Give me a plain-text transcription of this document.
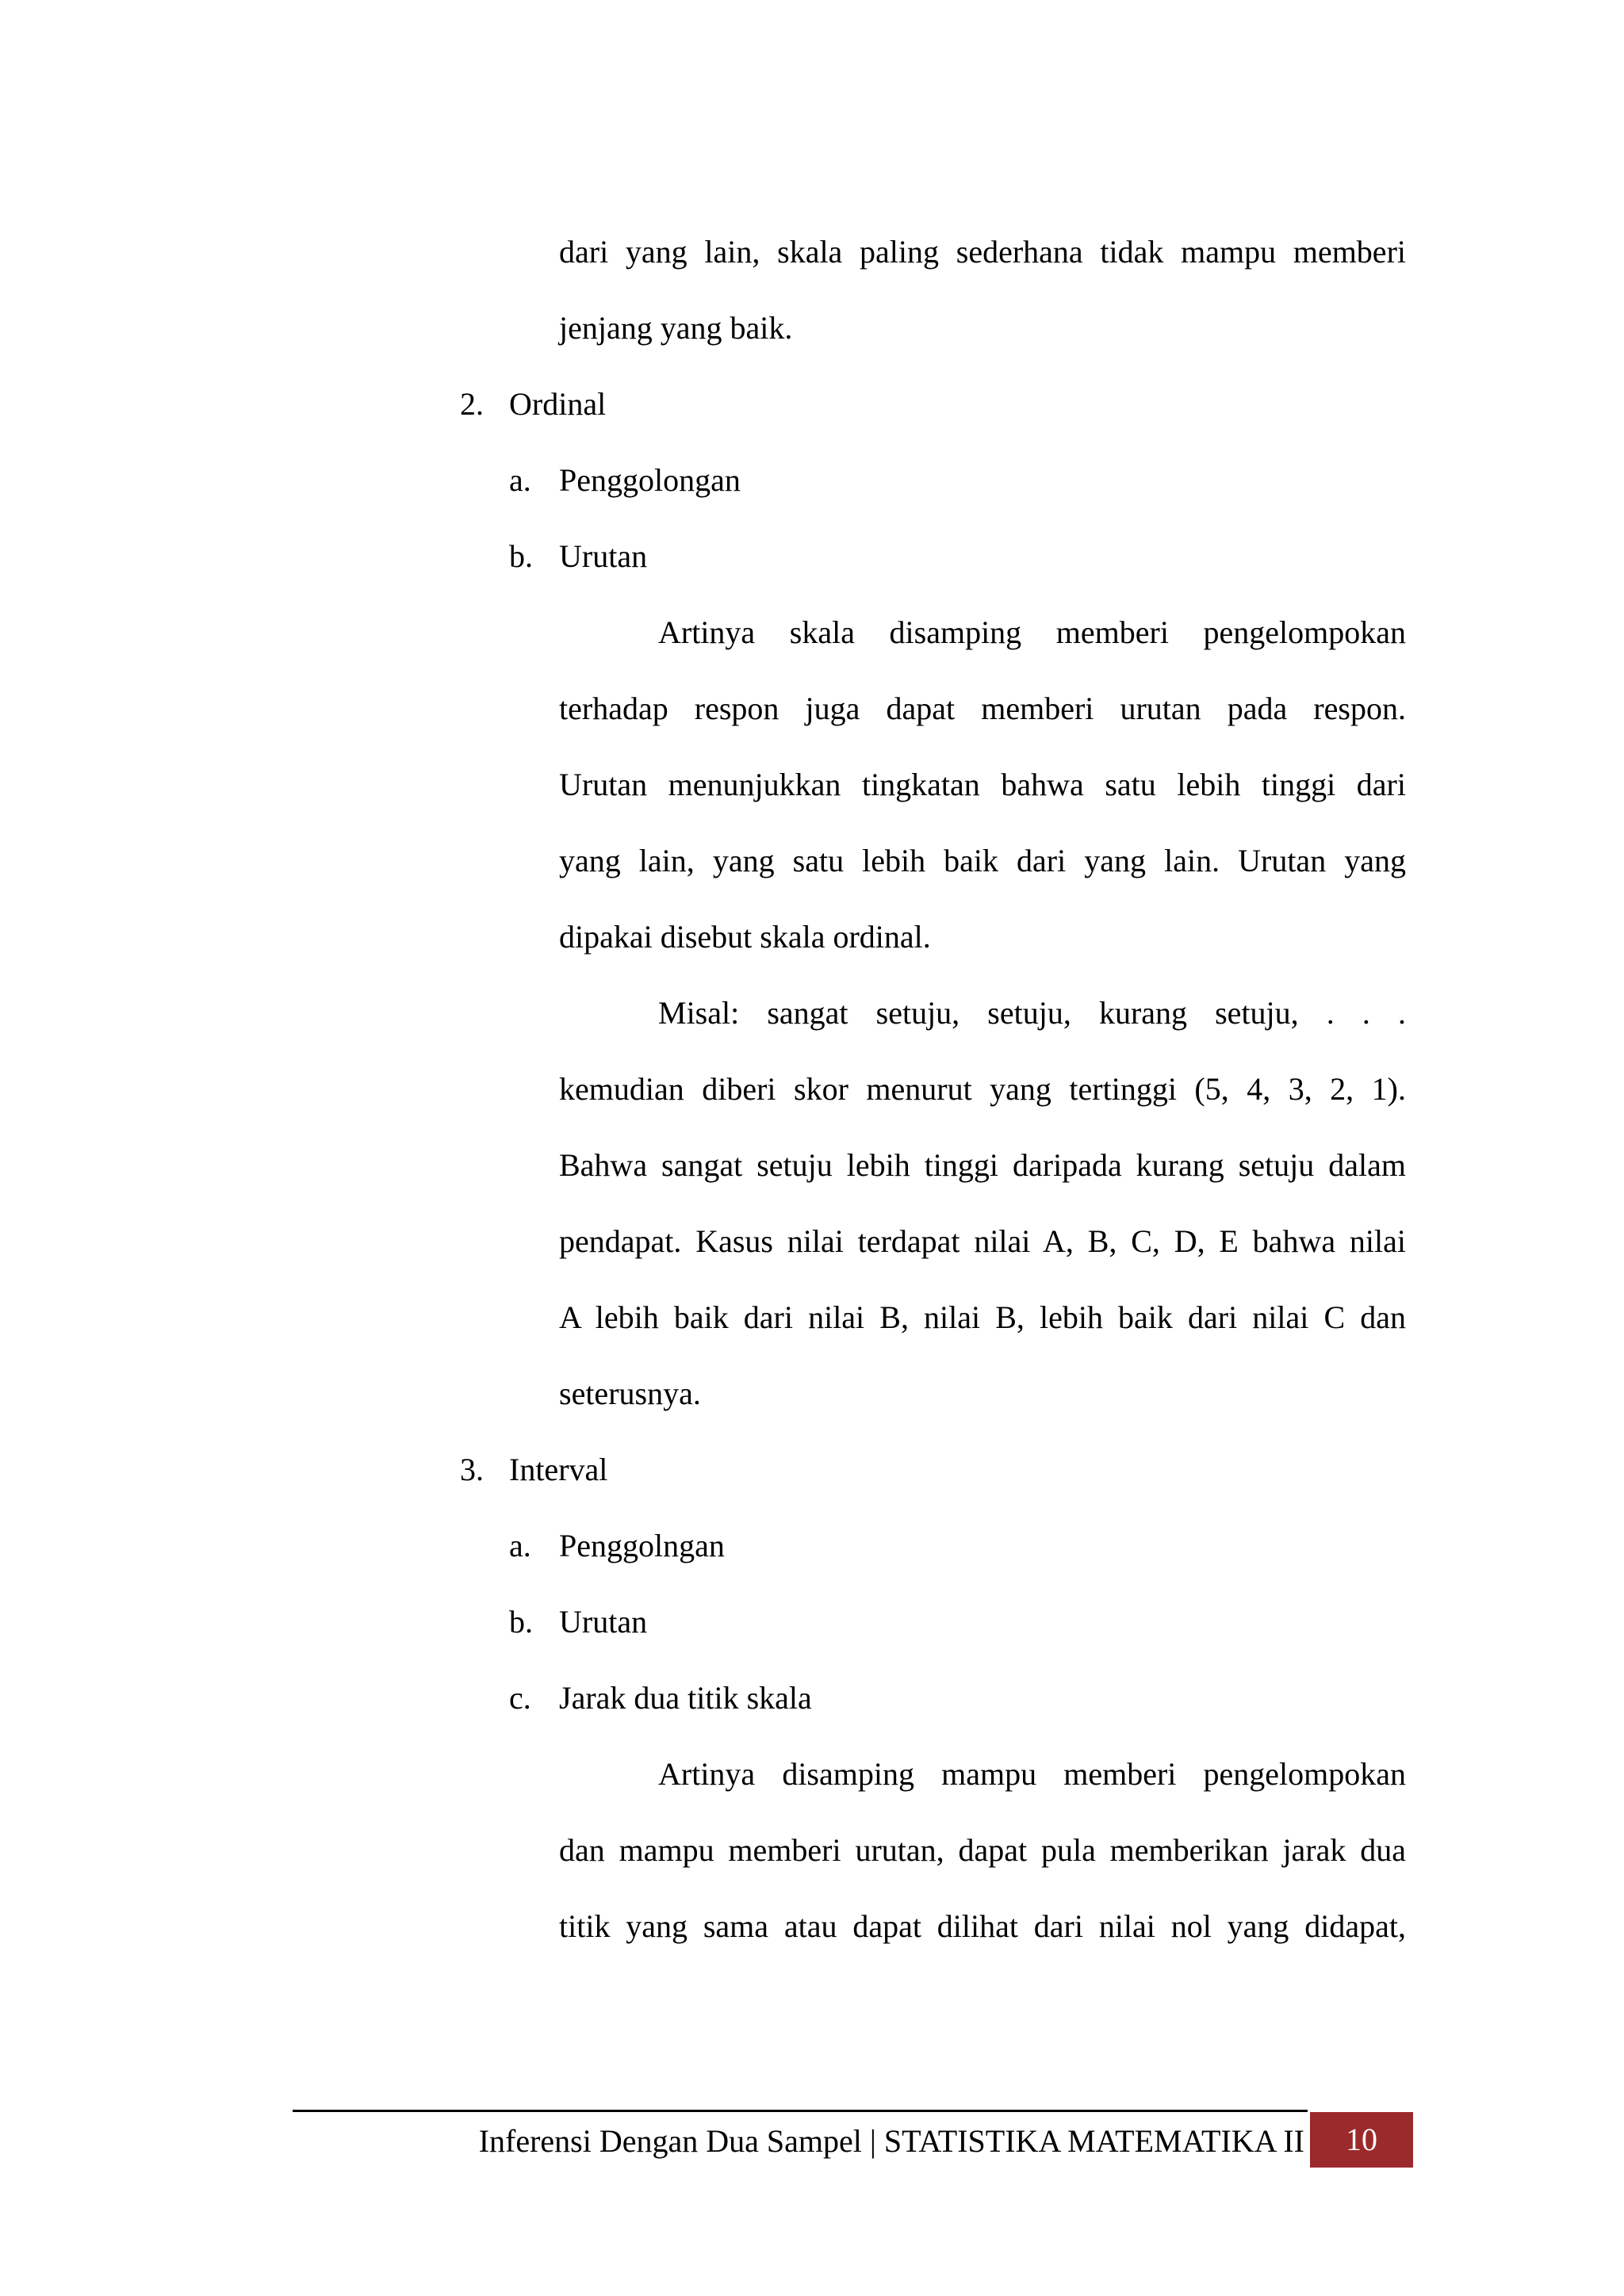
dari yang lain, skala paling sederhana tidak mampu memberi
jenjang yang baik.
2. Ordinal
a. Penggolongan
b. Urutan
Artinya skala disamping memberi pengelompokan
terhadap respon juga dapat memberi urutan pada respon.
Urutan menunjukkan tingkatan bahwa satu lebih tinggi dari
yang lain, yang satu lebih baik dari yang lain. Urutan yang
dipakai disebut skala ordinal.
Misal: sangat setuju, setuju, kurang setuju, . . .
kemudian diberi skor menurut yang tertinggi (5, 4, 3, 2, 1).
Bahwa sangat setuju lebih tinggi daripada kurang setuju dalam
pendapat. Kasus nilai terdapat nilai A, B, C, D, E bahwa nilai
A lebih baik dari nilai B, nilai B, lebih baik dari nilai C dan
seterusnya.
3. Interval
a. Penggolngan
b. Urutan
c. Jarak dua titik skala
Artinya disamping mampu memberi pengelompokan
dan mampu memberi urutan, dapat pula memberikan jarak dua
titik yang sama atau dapat dilihat dari nilai nol yang didapat,
Inferensi Dengan Dua Sampel | STATISTIKA MATEMATIKA II	10
